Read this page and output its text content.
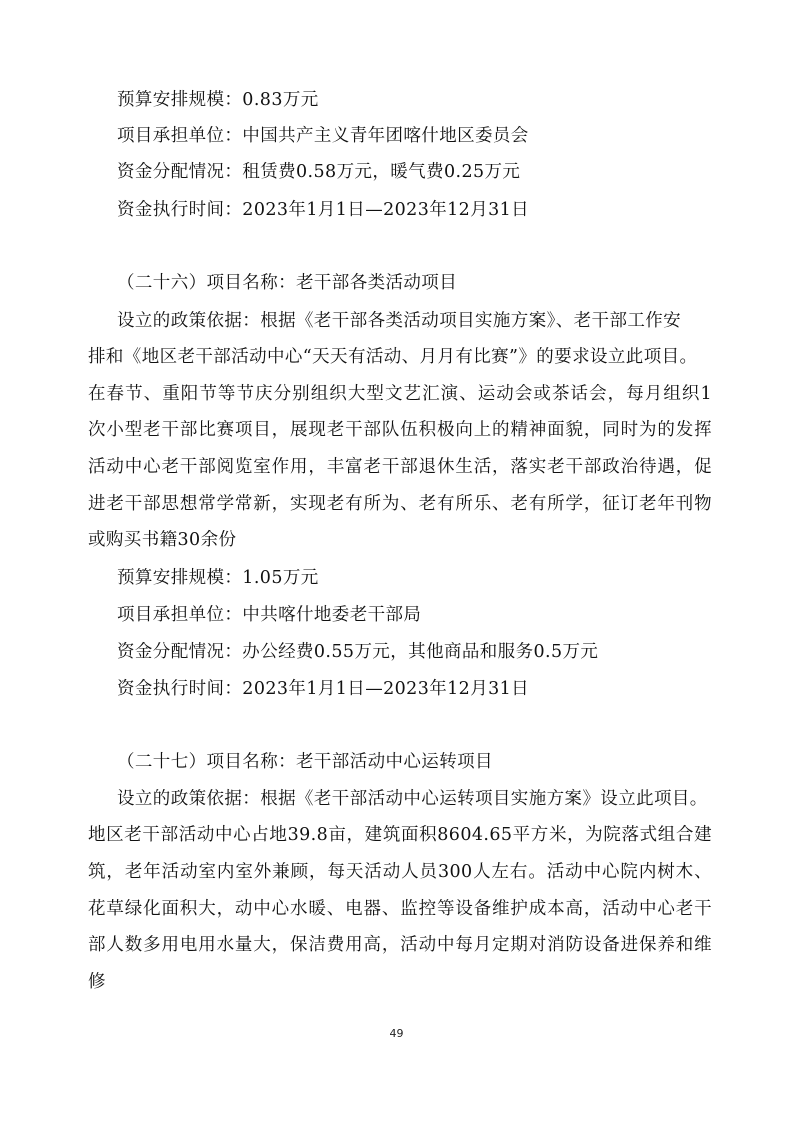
预算安排规模：0.83万元
项目承担单位：中国共产主义青年团喀什地区委员会
资金分配情况：租赁费0.58万元，暖气费0.25万元
资金执行时间：2023年1月1日—2023年12月31日
（二十六）项目名称：老干部各类活动项目
设立的政策依据：根据《老干部各类活动项目实施方案》、老干部工作安
排和《地区老干部活动中心“天天有活动、月月有比赛”》的要求设立此项目。
在春节、重阳节等节庆分别组织大型文艺汇演、运动会或茶话会，每月组织1
次小型老干部比赛项目，展现老干部队伍积极向上的精神面貌，同时为的发挥
活动中心老干部阅览室作用，丰富老干部退休生活，落实老干部政治待遇，促
进老干部思想常学常新，实现老有所为、老有所乐、老有所学，征订老年刊物
或购买书籍30余份
预算安排规模：1.05万元
项目承担单位：中共喀什地委老干部局
资金分配情况：办公经费0.55万元，其他商品和服务0.5万元
资金执行时间：2023年1月1日—2023年12月31日
（二十七）项目名称：老干部活动中心运转项目
设立的政策依据：根据《老干部活动中心运转项目实施方案》设立此项目。
地区老干部活动中心占地39.8亩，建筑面积8604.65平方米，为院落式组合建
筑，老年活动室内室外兼顾，每天活动人员300人左右。活动中心院内树木、
花草绿化面积大，动中心水暖、电器、监控等设备维护成本高，活动中心老干
部人数多用电用水量大，保洁费用高，活动中每月定期对消防设备进保养和维
修
49
